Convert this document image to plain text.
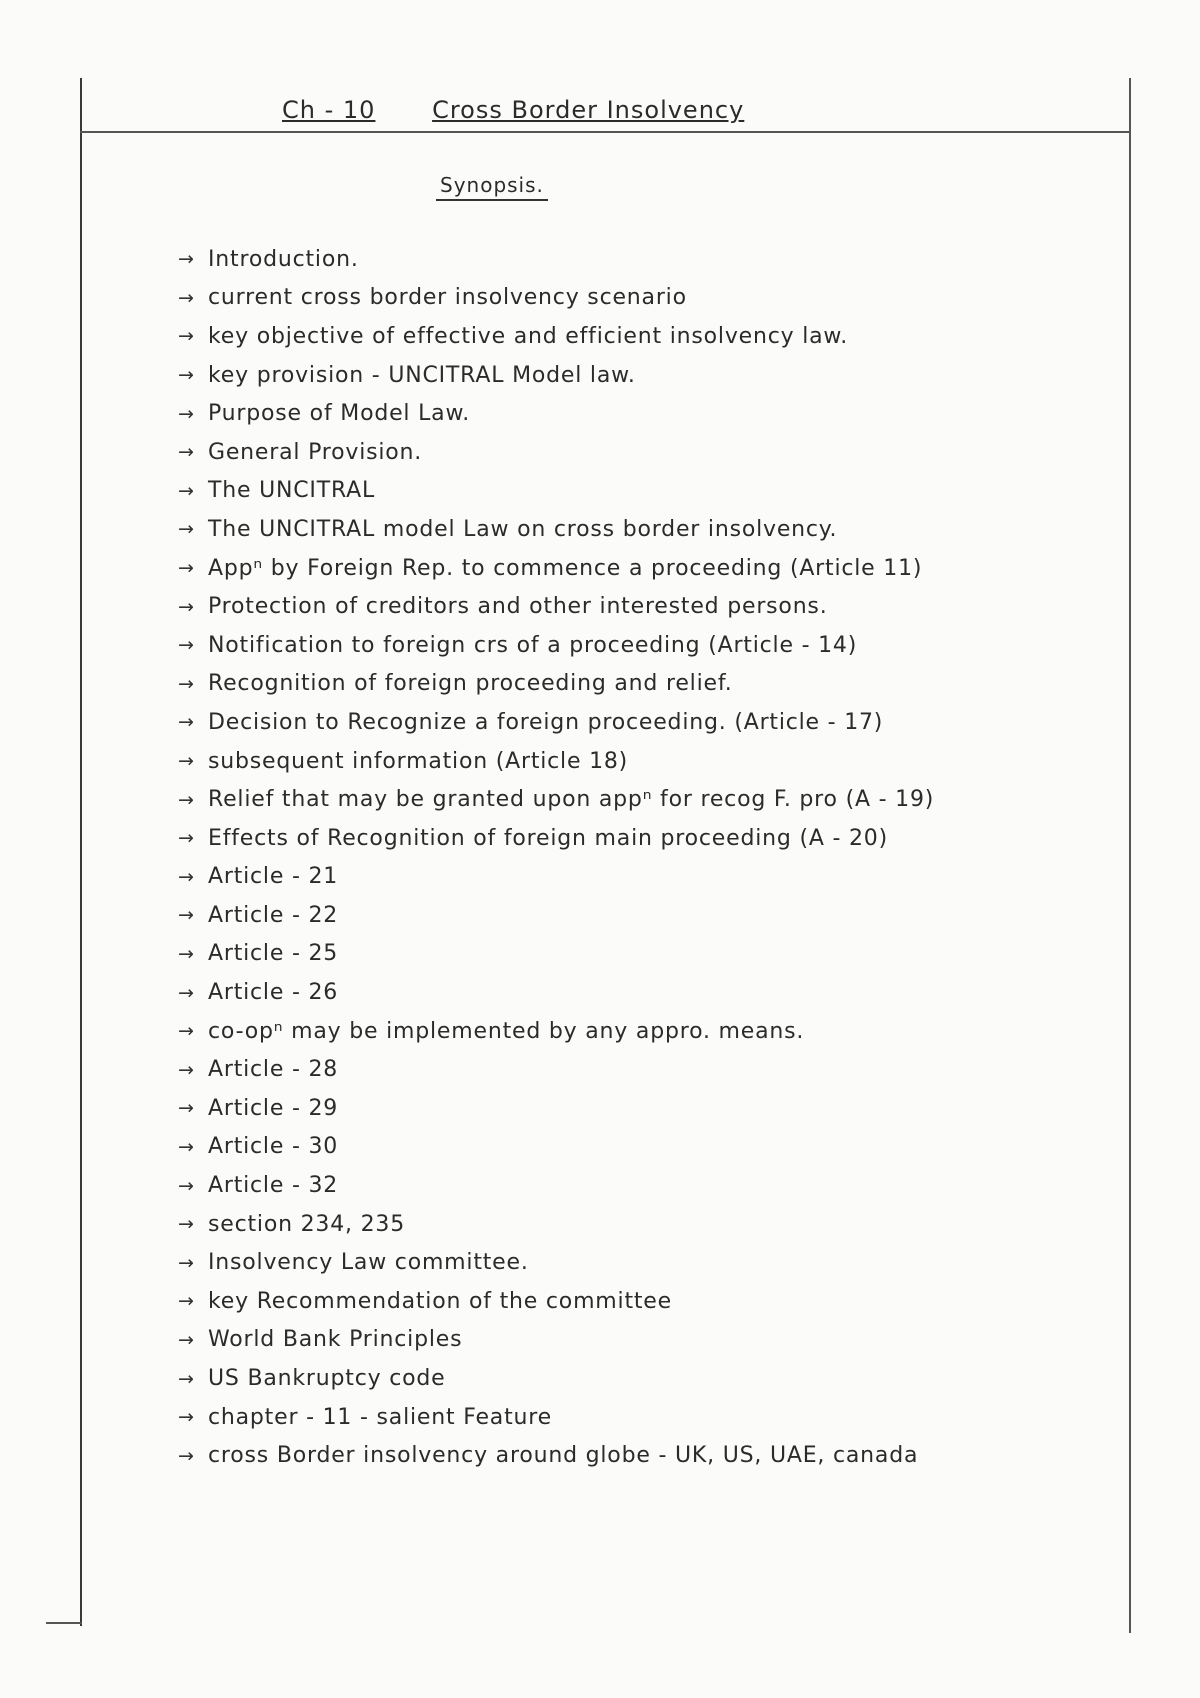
Ch - 10 Cross Border Insolvency
Synopsis.
→ Introduction.
→ current cross border insolvency scenario
→ key objective of effective and efficient insolvency law.
→ key provision - UNCITRAL Model law.
→ Purpose of Model Law.
→ General Provision.
→ The UNCITRAL
→ The UNCITRAL model Law on cross border insolvency.
→ Appⁿ by Foreign Rep. to commence a proceeding (Article 11)
→ Protection of creditors and other interested persons.
→ Notification to foreign crs of a proceeding (Article - 14)
→ Recognition of foreign proceeding and relief.
→ Decision to Recognize a foreign proceeding. (Article - 17)
→ subsequent information (Article 18)
→ Relief that may be granted upon appⁿ for recog F. pro (A - 19)
→ Effects of Recognition of foreign main proceeding (A - 20)
→ Article - 21
→ Article - 22
→ Article - 25
→ Article - 26
→ co-opⁿ may be implemented by any appro. means.
→ Article - 28
→ Article - 29
→ Article - 30
→ Article - 32
→ section 234, 235
→ Insolvency Law committee.
→ key Recommendation of the committee
→ World Bank Principles
→ US Bankruptcy code
→ chapter - 11 - salient Feature
→ cross Border insolvency around globe - UK, US, UAE, canada
